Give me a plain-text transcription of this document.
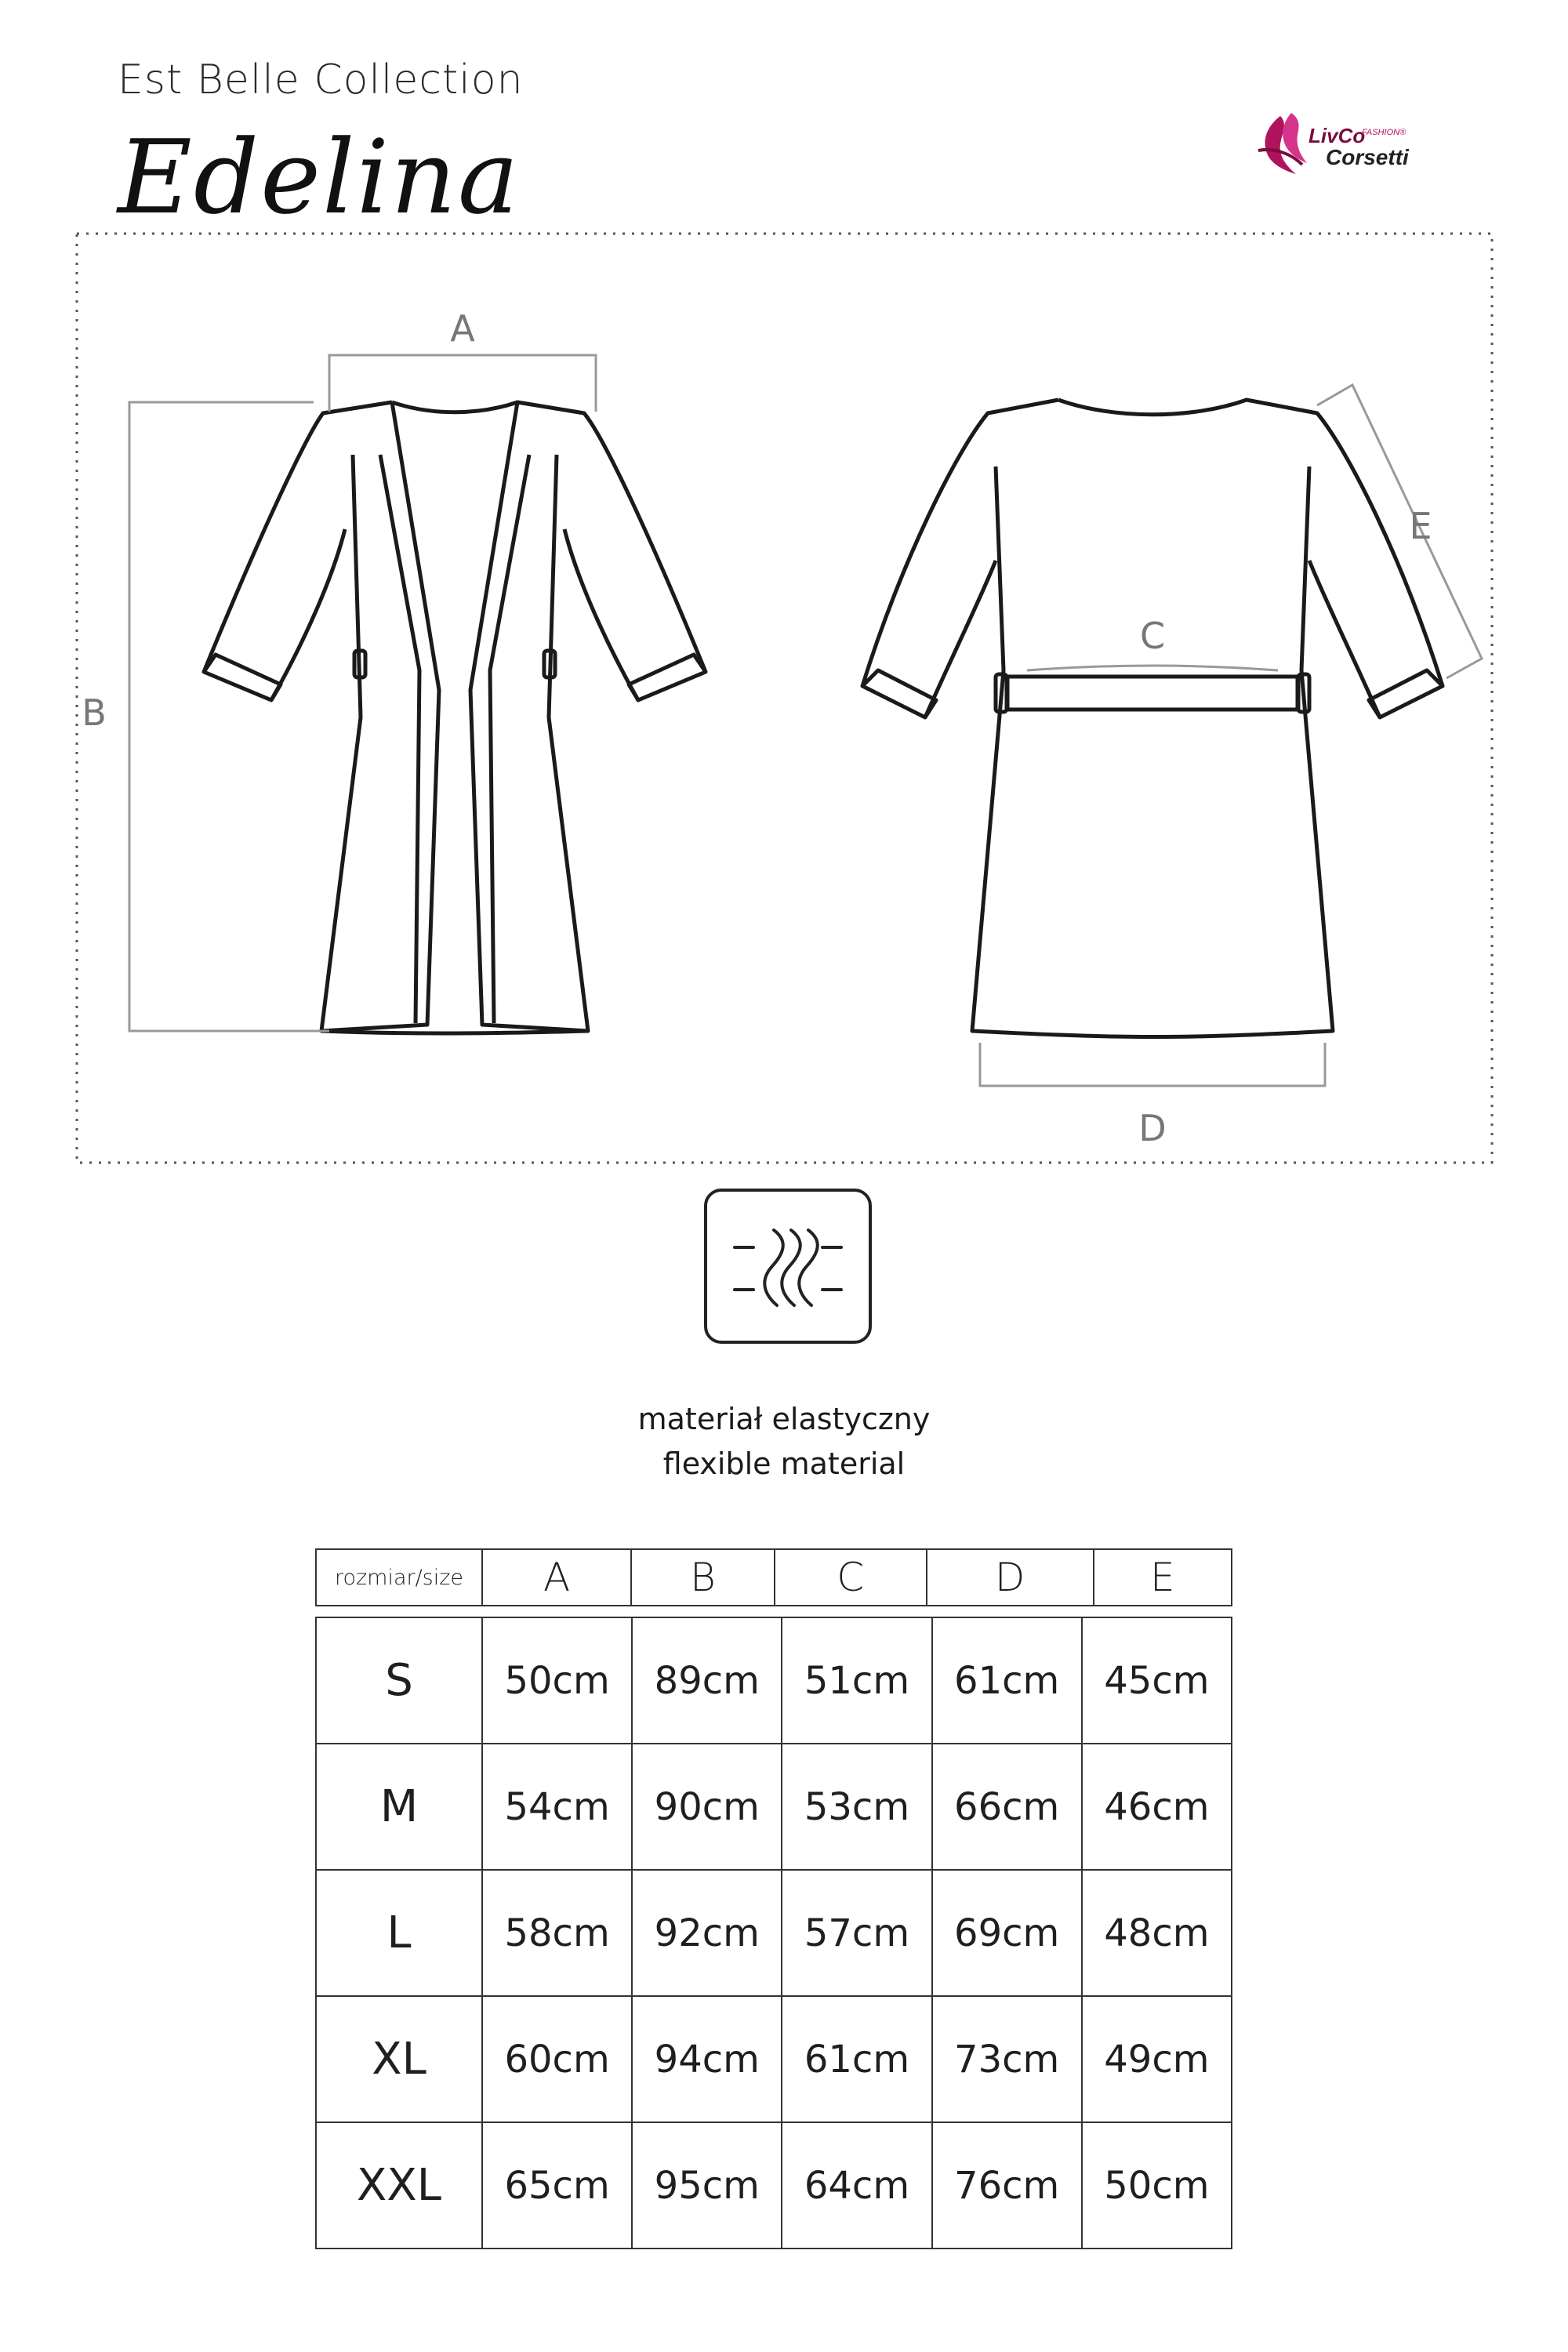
Est Belle Collection
Edelina	LivCo
FASHION®
Corsetti
A
B
C
D
E
materiał elastyczny
flexible material
rozmiar/size	A	B	C	D	E
S	50cm	89cm	51cm	61cm	45cm
M	54cm	90cm	53cm	66cm	46cm
L	58cm	92cm	57cm	69cm	48cm
XL	60cm	94cm	61cm	73cm	49cm
XXL	65cm	95cm	64cm	76cm	50cm
